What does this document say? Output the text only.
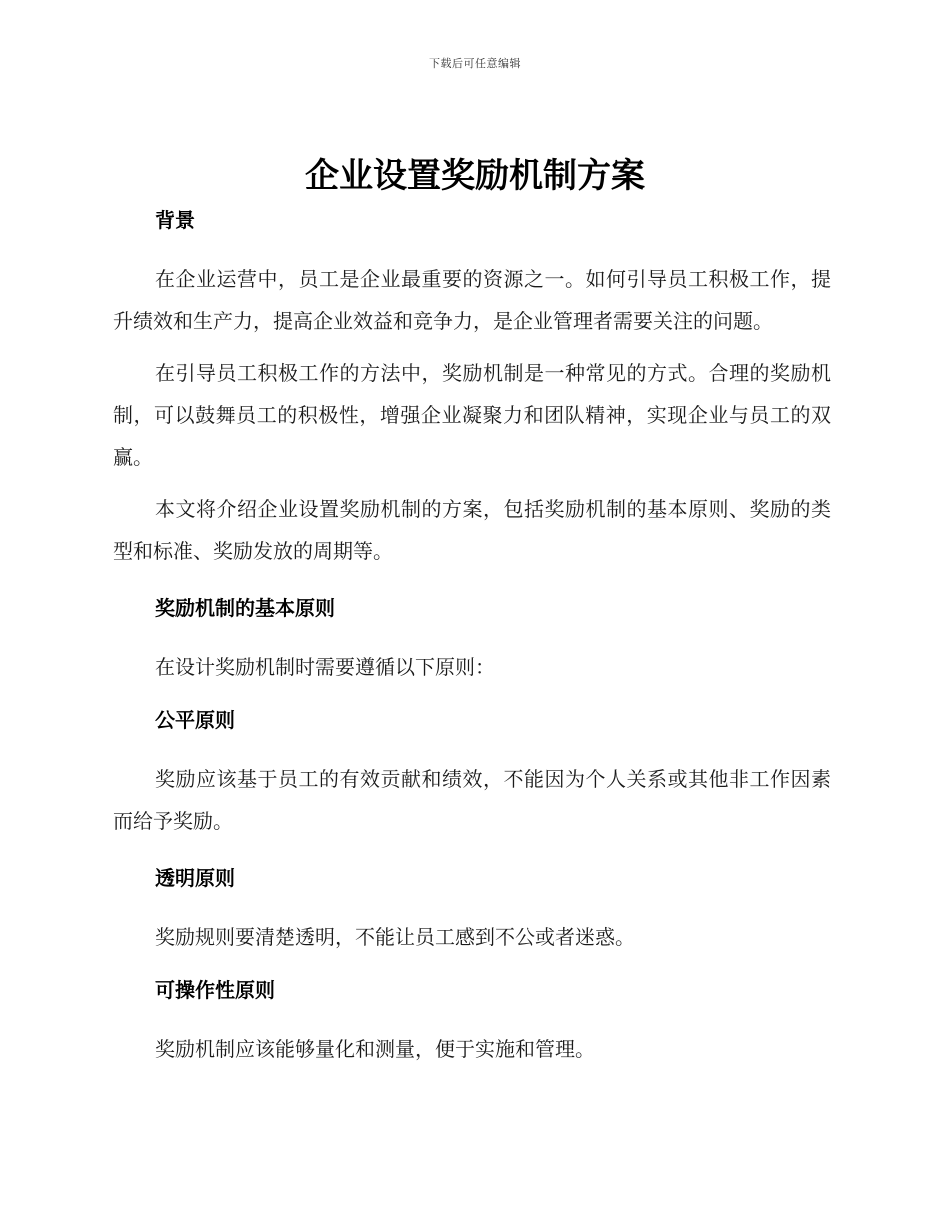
下载后可任意编辑
企业设置奖励机制方案
背景

在企业运营中，员工是企业最重要的资源之一。如何引导员工积极工作，提升绩效和生产力，提高企业效益和竞争力，是企业管理者需要关注的问题。

在引导员工积极工作的方法中，奖励机制是一种常见的方式。合理的奖励机制，可以鼓舞员工的积极性，增强企业凝聚力和团队精神，实现企业与员工的双赢。

本文将介绍企业设置奖励机制的方案，包括奖励机制的基本原则、奖励的类型和标准、奖励发放的周期等。

奖励机制的基本原则

在设计奖励机制时需要遵循以下原则：

公平原则

奖励应该基于员工的有效贡献和绩效，不能因为个人关系或其他非工作因素而给予奖励。

透明原则

奖励规则要清楚透明，不能让员工感到不公或者迷惑。

可操作性原则

奖励机制应该能够量化和测量，便于实施和管理。
